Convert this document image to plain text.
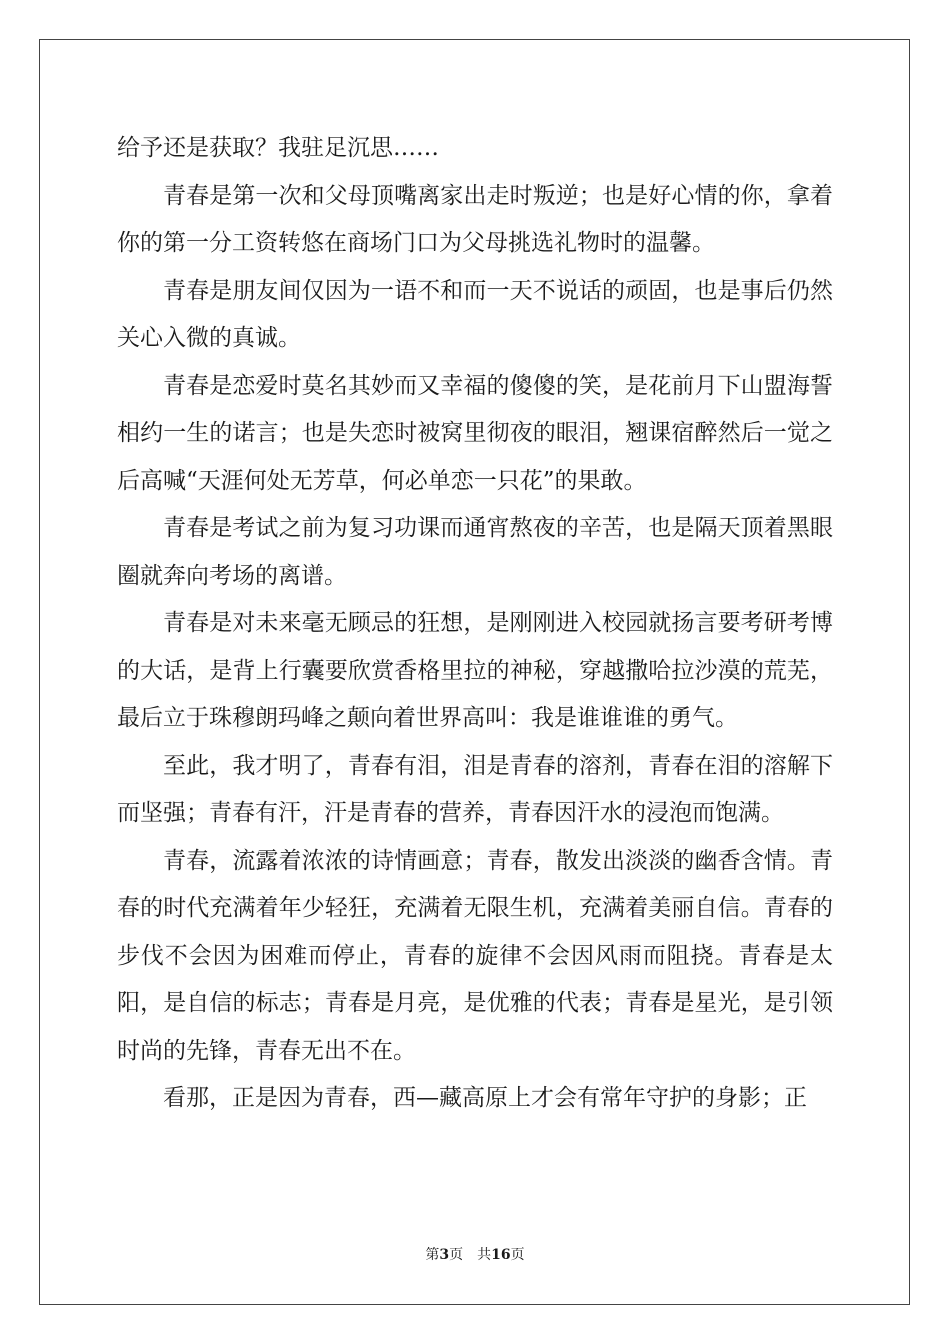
给予还是获取？我驻足沉思……

青春是第一次和父母顶嘴离家出走时叛逆；也是好心情的你，拿着你的第一分工资转悠在商场门口为父母挑选礼物时的温馨。

青春是朋友间仅因为一语不和而一天不说话的顽固，也是事后仍然关心入微的真诚。

青春是恋爱时莫名其妙而又幸福的傻傻的笑，是花前月下山盟海誓相约一生的诺言；也是失恋时被窝里彻夜的眼泪，翘课宿醉然后一觉之后高喊“天涯何处无芳草，何必单恋一只花”的果敢。

青春是考试之前为复习功课而通宵熬夜的辛苦，也是隔天顶着黑眼圈就奔向考场的离谱。

青春是对未来毫无顾忌的狂想，是刚刚进入校园就扬言要考研考博的大话，是背上行囊要欣赏香格里拉的神秘，穿越撒哈拉沙漠的荒芜，最后立于珠穆朗玛峰之颠向着世界高叫：我是谁谁谁的勇气。

至此，我才明了，青春有泪，泪是青春的溶剂，青春在泪的溶解下而坚强；青春有汗，汗是青春的营养，青春因汗水的浸泡而饱满。

青春，流露着浓浓的诗情画意；青春，散发出淡淡的幽香含情。青春的时代充满着年少轻狂，充满着无限生机，充满着美丽自信。青春的步伐不会因为困难而停止，青春的旋律不会因风雨而阻挠。青春是太阳，是自信的标志；青春是月亮，是优雅的代表；青春是星光，是引领时尚的先锋，青春无出不在。

看那，正是因为青春，西—藏高原上才会有常年守护的身影；正

第3页 共16页
